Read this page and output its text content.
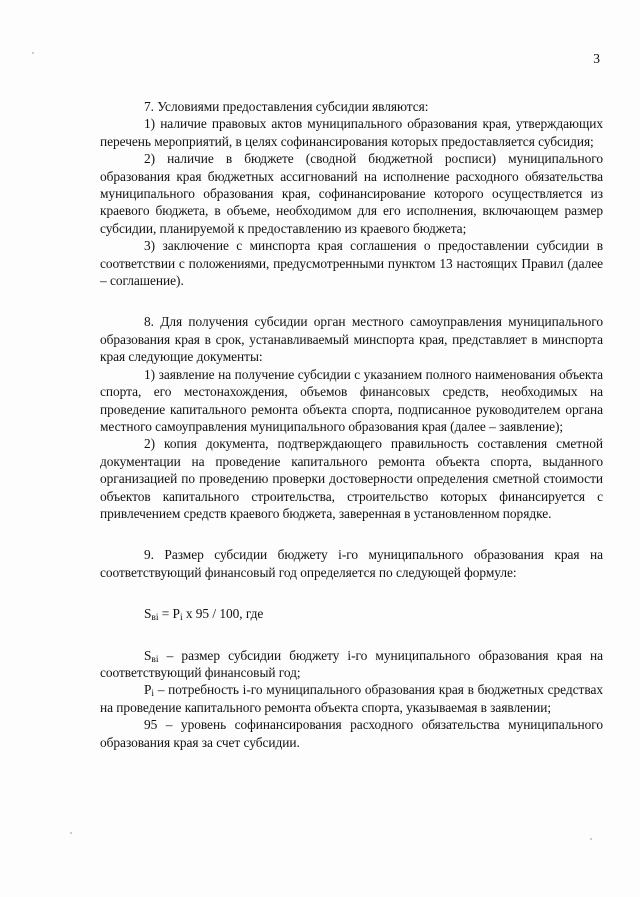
3

7. Условиями предоставления субсидии являются:

1) наличие правовых актов муниципального образования края, утверждающих перечень мероприятий, в целях софинансирования которых предоставляется субсидия;

2) наличие в бюджете (сводной бюджетной росписи) муниципального образования края бюджетных ассигнований на исполнение расходного обязательства муниципального образования края, софинансирование которого осуществляется из краевого бюджета, в объеме, необходимом для его исполнения, включающем размер субсидии, планируемой к предоставлению из краевого бюджета;

3) заключение с минспорта края соглашения о предоставлении субсидии в соответствии с положениями, предусмотренными пунктом 13 настоящих Правил (далее – соглашение).

8. Для получения субсидии орган местного самоуправления муниципального образования края в срок, устанавливаемый минспорта края, представляет в минспорта края следующие документы:

1) заявление на получение субсидии с указанием полного наименования объекта спорта, его местонахождения, объемов финансовых средств, необходимых на проведение капитального ремонта объекта спорта, подписанное руководителем органа местного самоуправления муниципального образования края (далее – заявление);

2) копия документа, подтверждающего правильность составления сметной документации на проведение капитального ремонта объекта спорта, выданного организацией по проведению проверки достоверности определения сметной стоимости объектов капитального строительства, строительство которых финансируется с привлечением средств краевого бюджета, заверенная в установленном порядке.

9. Размер субсидии бюджету i-го муниципального образования края на соответствующий финансовый год определяется по следующей формуле:

$S_{вi} = P_i$ x 95 / 100, где

$S_{вi}$ – размер субсидии бюджету i-го муниципального образования края на соответствующий финансовый год;

$P_i$ – потребность i-го муниципального образования края в бюджетных средствах на проведение капитального ремонта объекта спорта, указываемая в заявлении;

95 – уровень софинансирования расходного обязательства муниципального образования края за счет субсидии.
